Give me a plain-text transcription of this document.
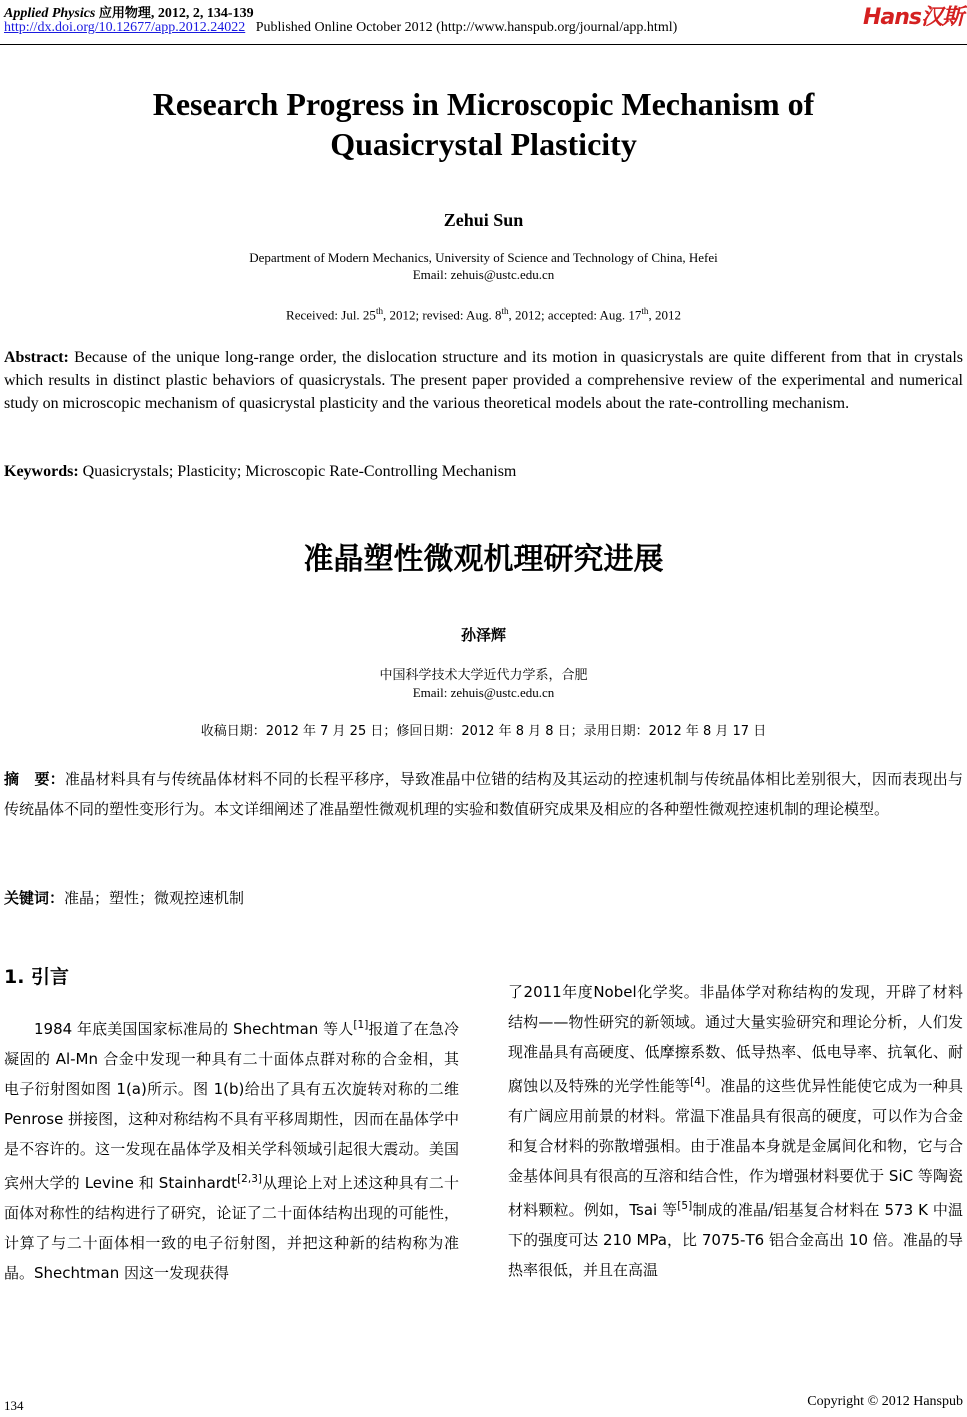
Applied Physics 应用物理, 2012, 2, 134-139
http://dx.doi.org/10.12677/app.2012.24022 Published Online October 2012 (http://www.hanspub.org/journal/app.html)	Hans汉斯
Research Progress in Microscopic Mechanism of
Quasicrystal Plasticity
Zehui Sun
Department of Modern Mechanics, University of Science and Technology of China, Hefei
Email: zehuis@ustc.edu.cn
Received: Jul. 25th, 2012; revised: Aug. 8th, 2012; accepted: Aug. 17th, 2012
Abstract: Because of the unique long-range order, the dislocation structure and its motion in quasicrystals are quite different from that in crystals which results in distinct plastic behaviors of quasicrystals. The present paper provided a comprehensive review of the experimental and numerical study on microscopic mechanism of quasicrystal plasticity and the various theoretical models about the rate-controlling mechanism.
Keywords: Quasicrystals; Plasticity; Microscopic Rate-Controlling Mechanism
准晶塑性微观机理研究进展
孙泽辉
中国科学技术大学近代力学系，合肥
Email: zehuis@ustc.edu.cn
收稿日期：2012 年 7 月 25 日；修回日期：2012 年 8 月 8 日；录用日期：2012 年 8 月 17 日
摘　要：准晶材料具有与传统晶体材料不同的长程平移序，导致准晶中位错的结构及其运动的控速机制与传统晶体相比差别很大，因而表现出与传统晶体不同的塑性变形行为。本文详细阐述了准晶塑性微观机理的实验和数值研究成果及相应的各种塑性微观控速机制的理论模型。
关键词：准晶；塑性；微观控速机制
1. 引言
1984 年底美国国家标准局的 Shechtman 等人[1]报道了在急冷凝固的 Al-Mn 合金中发现一种具有二十面体点群对称的合金相，其电子衍射图如图 1(a)所示。图 1(b)给出了具有五次旋转对称的二维 Penrose 拼接图，这种对称结构不具有平移周期性，因而在晶体学中是不容许的。这一发现在晶体学及相关学科领域引起很大震动。美国宾州大学的 Levine 和 Stainhardt[2,3]从理论上对上述这种具有二十面体对称性的结构进行了研究，论证了二十面体结构出现的可能性，计算了与二十面体相一致的电子衍射图，并把这种新的结构称为准晶。Shechtman 因这一发现获得
了2011年度Nobel化学奖。非晶体学对称结构的发现，开辟了材料结构——物性研究的新领域。通过大量实验研究和理论分析，人们发现准晶具有高硬度、低摩擦系数、低导热率、低电导率、抗氧化、耐腐蚀以及特殊的光学性能等[4]。准晶的这些优异性能使它成为一种具有广阔应用前景的材料。常温下准晶具有很高的硬度，可以作为合金和复合材料的弥散增强相。由于准晶本身就是金属间化和物，它与合金基体间具有很高的互溶和结合性，作为增强材料要优于 SiC 等陶瓷材料颗粒。例如，Tsai 等[5]制成的准晶/铝基复合材料在 573 K 中温下的强度可达 210 MPa，比 7075-T6 铝合金高出 10 倍。准晶的导热率很低，并且在高温
134	Copyright © 2012 Hanspub
